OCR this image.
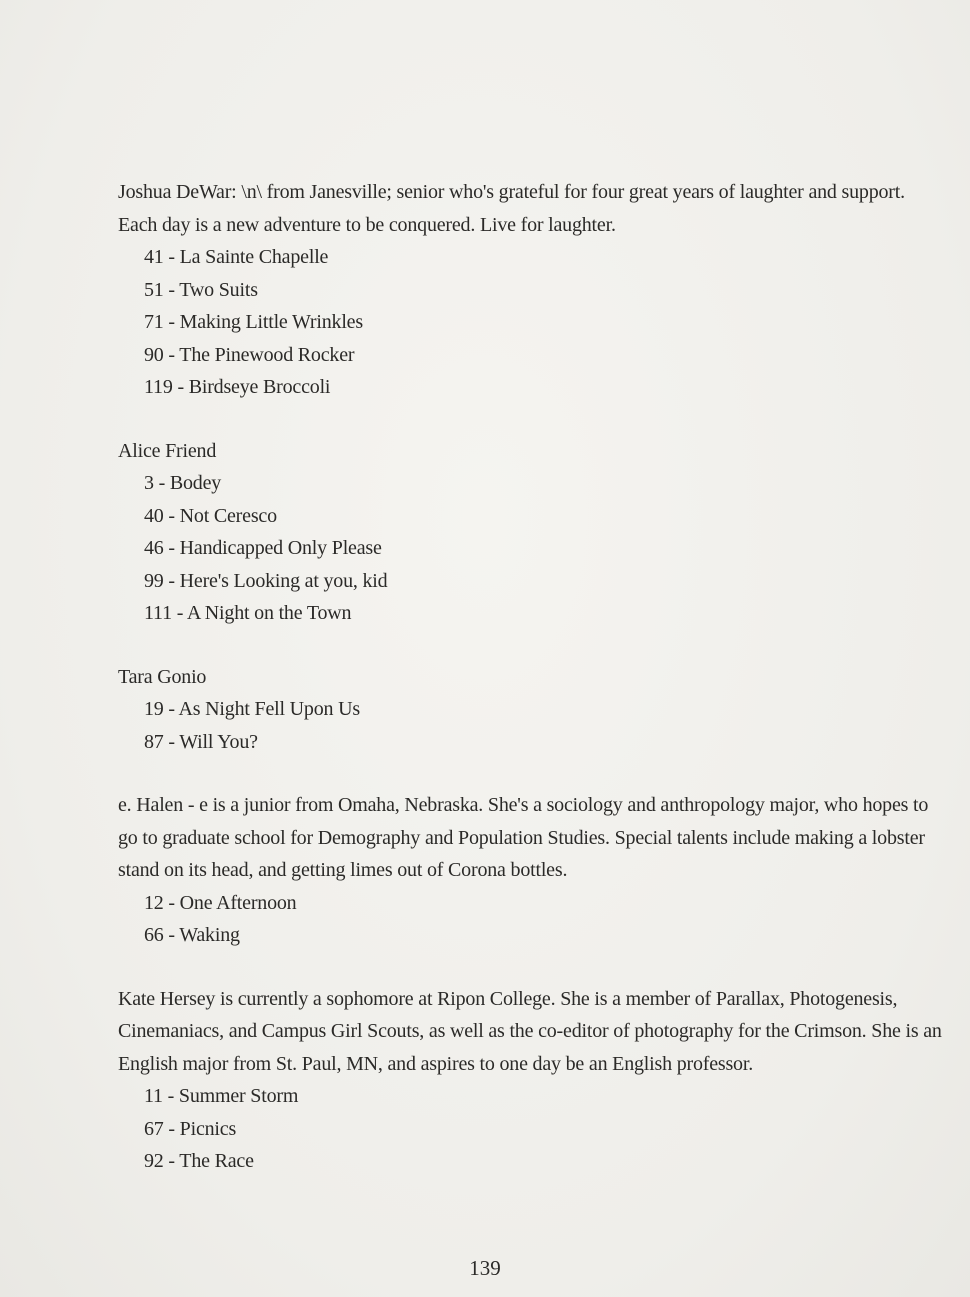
Joshua DeWar: \n\ from Janesville; senior who's grateful for four great years of laughter and support. Each day is a new adventure to be conquered. Live for laughter.

41 - La Sainte Chapelle
51 - Two Suits
71 - Making Little Wrinkles
90 - The Pinewood Rocker
119 - Birdseye Broccoli

Alice Friend

3 - Bodey
40 - Not Ceresco
46 - Handicapped Only Please
99 - Here's Looking at you, kid
111 - A Night on the Town

Tara Gonio

19 - As Night Fell Upon Us
87 - Will You?

e. Halen - e is a junior from Omaha, Nebraska. She's a sociology and anthropology major, who hopes to go to graduate school for Demography and Population Studies. Special talents include making a lobster stand on its head, and getting limes out of Corona bottles.

12 - One Afternoon
66 - Waking

Kate Hersey is currently a sophomore at Ripon College. She is a member of Parallax, Photogenesis, Cinemaniacs, and Campus Girl Scouts, as well as the co-editor of photography for the Crimson. She is an English major from St. Paul, MN, and aspires to one day be an English professor.

11 - Summer Storm
67 - Picnics
92 - The Race
139
